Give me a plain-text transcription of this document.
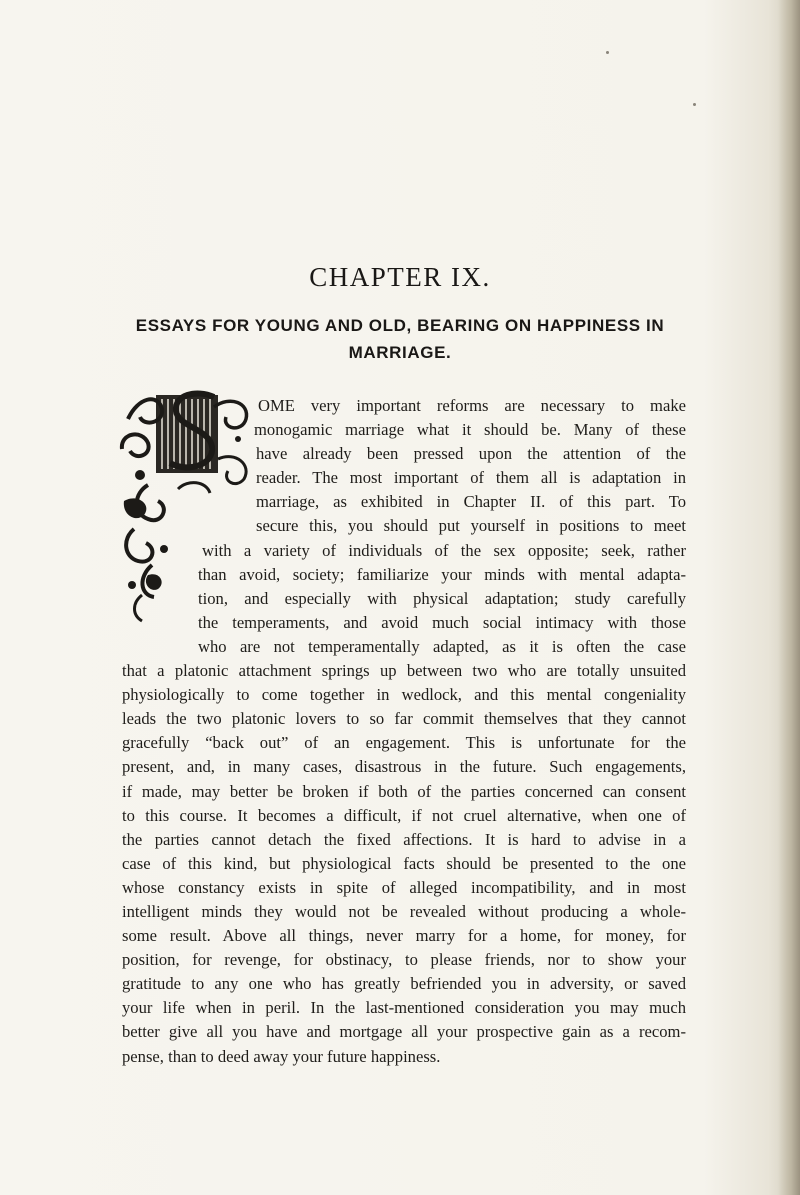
CHAPTER IX.
ESSAYS FOR YOUNG AND OLD, BEARING ON HAPPINESS IN MARRIAGE.
OME very important reforms are necessary to make
monogamic marriage what it should be. Many of these
have already been pressed upon the attention of the
reader. The most important of them all is adaptation in
marriage, as exhibited in Chapter II. of this part. To
secure this, you should put yourself in positions to meet
with a variety of individuals of the sex opposite; seek, rather
than avoid, society; familiarize your minds with mental adapta-
tion, and especially with physical adaptation; study carefully
the temperaments, and avoid much social intimacy with those
who are not temperamentally adapted, as it is often the case
that a platonic attachment springs up between two who are totally unsuited
physiologically to come together in wedlock, and this mental congeniality
leads the two platonic lovers to so far commit themselves that they cannot
gracefully “back out” of an engagement. This is unfortunate for the
present, and, in many cases, disastrous in the future. Such engagements,
if made, may better be broken if both of the parties concerned can consent
to this course. It becomes a difficult, if not cruel alternative, when one of
the parties cannot detach the fixed affections. It is hard to advise in a
case of this kind, but physiological facts should be presented to the one
whose constancy exists in spite of alleged incompatibility, and in most
intelligent minds they would not be revealed without producing a whole-
some result. Above all things, never marry for a home, for money, for
position, for revenge, for obstinacy, to please friends, nor to show your
gratitude to any one who has greatly befriended you in adversity, or saved
your life when in peril. In the last-mentioned consideration you may much
better give all you have and mortgage all your prospective gain as a recom-
pense, than to deed away your future happiness.
